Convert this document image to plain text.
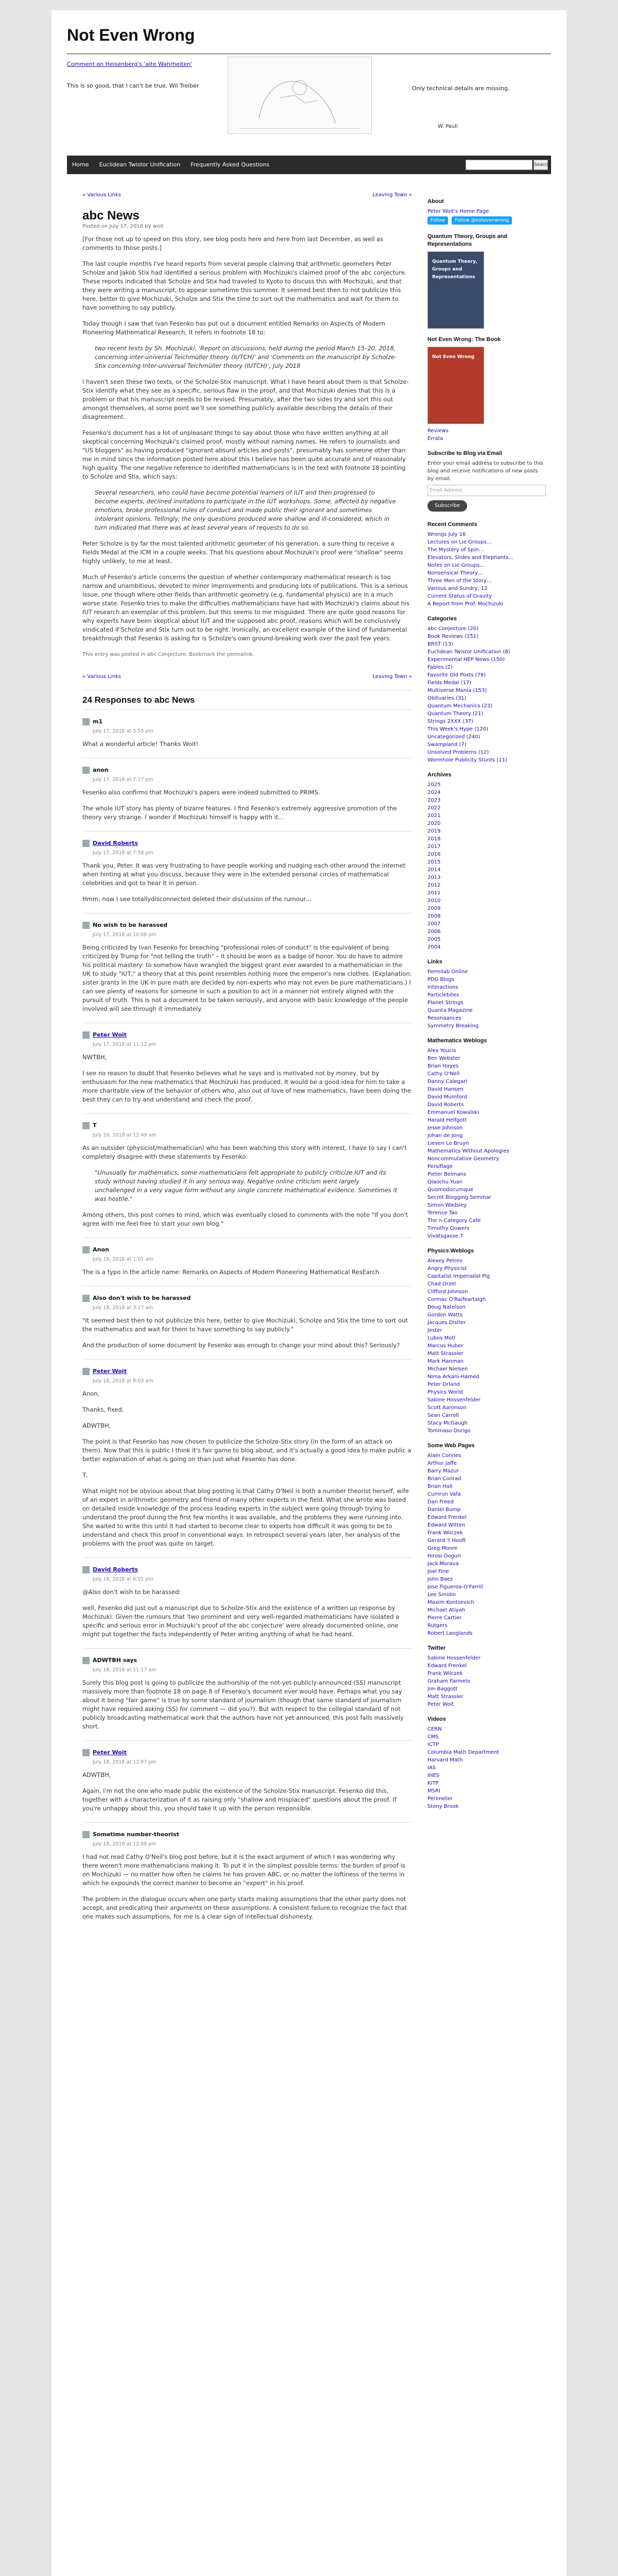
Not Even Wrong
Comment on Heisenberg's 'alte Wahrheiten'
This is so good, that I can't be true. Wil Treiber	Only technical details are missing.
W. Pauli
Home	Euclidean Twistor Unification	Frequently Asked Questions	Search
« Various Links	Leaving Town »
abc News
Posted on July 17, 2018 by woit

[For those not up to speed on this story, see blog posts here and here from last December, as well as comments to those posts.]

The last couple months I've heard reports from several people claiming that arithmetic geometers Peter Scholze and Jakob Stix had identified a serious problem with Mochizuki's claimed proof of the abc conjecture. These reports indicated that Scholze and Stix had traveled to Kyoto to discuss this with Mochizuki, and that they were writing a manuscript, to appear sometime this summer. It seemed best then to not publicize this here, better to give Mochizuki, Scholze and Stix the time to sort out the mathematics and wait for them to have something to say publicly.

Today though I saw that Ivan Fesenko has put out a document entitled Remarks on Aspects of Modern Pioneering Mathematical Research, It refers in footnote 18 to:

two recent texts by Sh. Mochizuki, 'Report on discussions, held during the period March 15–20, 2018, concerning inter-universal Teichmüller theory (IUTCH)' and 'Comments on the manuscript by Scholze-Stix concerning Inter-universal Teichmüller theory (IUTCH)', July 2018

I haven't seen these two texts, or the Scholze-Stix manuscript. What I have heard about them is that Scholze-Stix identify what they see as a specific, serious flaw in the proof, and that Mochizuki denies that this is a problem or that his manuscript needs to be revised. Presumably, after the two sides try and sort this out amongst themselves, at some point we'll see something publicly available describing the details of their disagreement.

Fesenko's document has a lot of unpleasant things to say about those who have written anything at all skeptical concerning Mochizuki's claimed proof, mostly without naming names. He refers to journalists and "US bloggers" as having produced "ignorant absurd articles and posts", presumably has someone other than me in mind since the information posted here about this I believe has been quite accurate and of reasonably high quality. The one negative reference to identified mathematicians is in the text with footnote 18 pointing to Scholze and Stix, which says:

Several researchers, who could have become potential learners of IUT and then progressed to become experts, declined invitations to participate in the IUT workshops. Some, affected by negative emotions, broke professional rules of conduct and made public their ignorant and sometimes intolerant opinions. Tellingly, the only questions produced were shallow and ill-considered, which in turn indicated that there was at least several years of requests to do so.

Peter Scholze is by far the most talented arithmetic geometer of his generation, a sure thing to receive a Fields Medal at the ICM in a couple weeks. That his questions about Mochizuki's proof were "shallow" seems highly unlikely, to me at least.

Much of Fesenko's article concerns the question of whether contemporary mathematical research is too narrow and unambitious, devoted to minor improvements and producing lots of publications. This is a serious issue, one though where other fields than arithmetic geometry (e.g. fundamental physics) are in a much worse state. Fesenko tries to make the difficulties mathematicians have had with Mochizuki's claims about his IUT research an exemplar of this problem, but this seems to me misguided. There are quite good reasons for why experts have been skeptical about IUT and the supposed abc proof, reasons which will be conclusively vindicated if Scholze and Stix turn out to be right. Ironically, an excellent example of the kind of fundamental breakthrough that Fesenko is asking for is Scholze's own ground-breaking work over the past few years.

This entry was posted in abc Conjecture. Bookmark the permalink.
« Various Links	Leaving Town »
24 Responses to abc News
m1
July 17, 2018 at 5:55 pm

What a wonderful article! Thanks Woit!

anon
July 17, 2018 at 7:17 pm

Fesenko also confirms that Mochizuki's papers were indeed submitted to PRIMS.

The whole IUT story has plenty of bizarre features. I find Fesenko's extremely aggressive promotion of the theory very strange. I wonder if Mochizuki himself is happy with it…

David Roberts
July 17, 2018 at 7:58 pm

Thank you, Peter. It was very frustrating to have people working and nudging each other around the internet when hinting at what you discuss, because they were in the extended personal circles of mathematical celebrities and got to hear it in person.

Hmm, now I see totallydisconnected deleted their discussion of the rumour…

No wish to be harassed
July 17, 2018 at 10:06 pm

Being criticized by Ivan Fesenko for breaching "professional roles of conduct" is the equivalent of being criticized by Trump for "not telling the truth" – it should be worn as a badge of honor. You do have to admire his political mastery: to somehow have wrangled the biggest grant ever awarded to a mathematician in the UK to study "IUT," a theory that at this point resembles nothing more the emperor's new clothes. (Explanation: sister grants in the UK in pure math are decided by non-experts who may not even be pure mathematicians.) I can see plenty of reasons for someone in such a position to act in a manner not entirely aligned with the pursuit of truth. This is not a document to be taken seriously, and anyone with basic knowledge of the people involved will see through it immediately.

Peter Woit
July 17, 2018 at 11:12 pm

NWTBH,

I see no reason to doubt that Fesenko believes what he says and is motivated not by money, but by enthusiasm for the new mathematics that Mochizuki has produced. It would be a good idea for him to take a more charitable view of the behavior of others who, also out of love of new mathematics, have been doing the best they can to try and understand and check the proof.

T
July 18, 2018 at 12:49 am

As an outsider (physicist/mathematician) who has been watching this story with interest, I have to say I can't completely disagree with these statements by Fesenko:

"Unusually for mathematics, some mathematicians felt appropriate to publicly criticize IUT and its study without having studied it in any serious way. Negative online criticism went largely unchallenged in a very vague form without any single concrete mathematical evidence. Sometimes it was hostile."

Among others, this post comes to mind, which was eventually closed to comments with the note "If you don't agree with me feel free to start your own blog."

Anon
July 18, 2018 at 1:01 am

The is a typo in the article name: Remarks on Aspects of Modern Pioneering Mathematical ResEarch

Also don't wish to be harassed
July 18, 2018 at 3:17 am

"It seemed best then to not publicize this here, better to give Mochizuki, Scholze and Stix the time to sort out the mathematics and wait for them to have something to say publicly."

And the production of some document by Fesenko was enough to change your mind about this? Seriously?

Peter Woit
July 18, 2018 at 8:03 am

Anon,

Thanks, fixed.

ADWTBH,

The point is that Fesenko has now chosen to publicize the Scholze-Stix story (in the form of an attack on them). Now that this is public I think it's fair game to blog about, and it's actually a good idea to make public a better explanation of what is going on than just what Fesenko has done.

T,

What might not be obvious about that blog posting is that Cathy O'Neil is both a number theorist herself, wife of an expert in arithmetic geometry and friend of many other experts in the field. What she wrote was based on detailed inside knowledge of the process leading experts in the subject were going through trying to understand the proof during the first few months it was available, and the problems they were running into. She waited to write this until it had started to become clear to experts how difficult it was going to be to understand and check this proof in conventional ways. In retrospect several years later, her analysis of the problems with the proof was quite on target.

David Roberts
July 18, 2018 at 6:01 pm

@Also don't wish to be harassed:

well, Fesenko did just out a manuscript due to Scholze-Stix and the existence of a written up response by Mochizuki. Given the rumours that 'two prominent and very well-regarded mathematicians have isolated a specific and serious error in Mochizuki's proof of the abc conjecture' were already documented online, one might put together the facts independently of Peter writing anything of what he had heard.

ADWTBH says
July 18, 2018 at 11:17 am

Surely this blog post is going to publicize the authorship of the not-yet-publicly-announced (SS) manuscript massively more than footnote 18 on page 8 of Fesenko's document ever would have. Perhaps what you say about it being "fair game" is true by some standard of journalism (though that same standard of journalism might have required asking (SS) for comment — did you?). But with respect to the collegial standard of not publicly broadcasting mathematical work that the authors have not yet announced, this post falls massively short.

Peter Woit
July 18, 2018 at 12:07 pm

ADWTBH,

Again, I'm not the one who made public the existence of the Scholze-Stix manuscript. Fesenko did this, together with a characterization of it as raising only "shallow and misplaced" questions about the proof. If you're unhappy about this, you should take it up with the person responsible.

Sometime number-theorist
July 18, 2018 at 12:08 pm

I had not read Cathy O'Neil's blog post before, but it is the exact argument of which I was wondering why there weren't more mathematicians making it. To put it in the simplest possible terms: the burden of proof is on Mochizuki — no matter how often he claims he has proven ABC, or no matter the loftiness of the terms in which he expounds the correct manner to become an "expert" in his proof.

The problem in the dialogue occurs when one party starts making assumptions that the other party does not accept, and predicating their arguments on these assumptions. A consistent failure to recognize the fact that one makes such assumptions, for me is a clear sign of intellectual dishonesty.

About
Peter Woit's Home Page
Follow Follow @notevenwrong
Quantum Theory, Groups and Representations
Quantum Theory, Groups and Representations
Not Even Wrong: The Book
Not Even Wrong
Reviews
Errata
Subscribe to Blog via Email
Enter your email address to subscribe to this blog and receive notifications of new posts by email.
Email Address
Subscribe
Recent Comments
Wrongs July 16
Lectures on Lie Groups…
The Mystery of Spin…
Elevators, Slides and Elephants…
Notes on Lie Groups…
Nonsensical Theory…
Three Men of the Story…
Various and Sundry, 12
Current Status of Gravity
A Report from Prof. Mochizuki
Categories
abc Conjecture (20)
Book Reviews (151)
BRST (13)
Euclidean Twistor Unification (8)
Experimental HEP News (150)
Fables (2)
Favorite Old Posts (79)
Fields Medal (17)
Multiverse Mania (153)
Obituaries (31)
Quantum Mechanics (23)
Quantum Theory (21)
Strings 2XXX (37)
This Week's Hype (120)
Uncategorized (240)
Swampland (7)
Unsolved Problems (12)
Wormhole Publicity Stunts (11)
Archives
2025
2024
2023
2022
2021
2020
2019
2018
2017
2016
2015
2014
2013
2012
2011
2010
2009
2008
2007
2006
2005
2004
Links
Fermilab Online
PDG Blogs
Interactions
Particlebites
Planet Strings
Quanta Magazine
Resonaances
Symmetry Breaking
Mathematics Weblogs
Alex Youcis
Ben Webster
Brian Hayes
Cathy O'Neil
Danny Calegari
David Hansen
David Mumford
David Roberts
Emmanuel Kowalski
Harald Helfgott
Jesse Johnson
Johan de Jong
Lieven Le Bruyn
Mathematics Without Apologies
Noncommutative Geometry
Persiflage
Pieter Belmans
Qiaochu Yuan
Quomodocumque
Secret Blogging Seminar
Simon Wadsley
Terence Tao
The n-Category Cafe
Timothy Gowers
Vivatsgasse 7
Physics Weblogs
Alexey Petrov
Angry Physicist
Capitalist Imperialist Pig
Chad Orzel
Clifford Johnson
Cormac O'Raifeartaigh
Doug Natelson
Gordon Watts
Jacques Distler
Jester
Lubos Motl
Marcus Huber
Matt Strassler
Mark Hanman
Michael Nielsen
Nima Arkani-Hamed
Peter Orland
Physics World
Sabine Hossenfelder
Scott Aaronson
Sean Carroll
Stacy McGaugh
Tommaso Dorigo
Some Web Pages
Alain Connes
Arthur Jaffe
Barry Mazur
Brian Conrad
Brian Hall
Cumrun Vafa
Dan Freed
Daniel Bump
Edward Frenkel
Edward Witten
Frank Wilczek
Gerard 't Hooft
Greg Moore
Hirosi Ooguri
Jack Morava
Joel Fine
John Baez
Jose Figueroa-O'Farrill
Lee Smolin
Maxim Kontsevich
Michael Atiyah
Pierre Cartier
Rutgers
Robert Langlands
Twitter
Sabine Hossenfelder
Edward Frenkel
Frank Wilczek
Graham Farmelo
Jim Baggott
Matt Strassler
Peter Woit
Videos
CERN
CMS
ICTP
Columbia Math Department
Harvard Math
IAS
IHES
KITP
MSRI
Perimeter
Stony Brook
